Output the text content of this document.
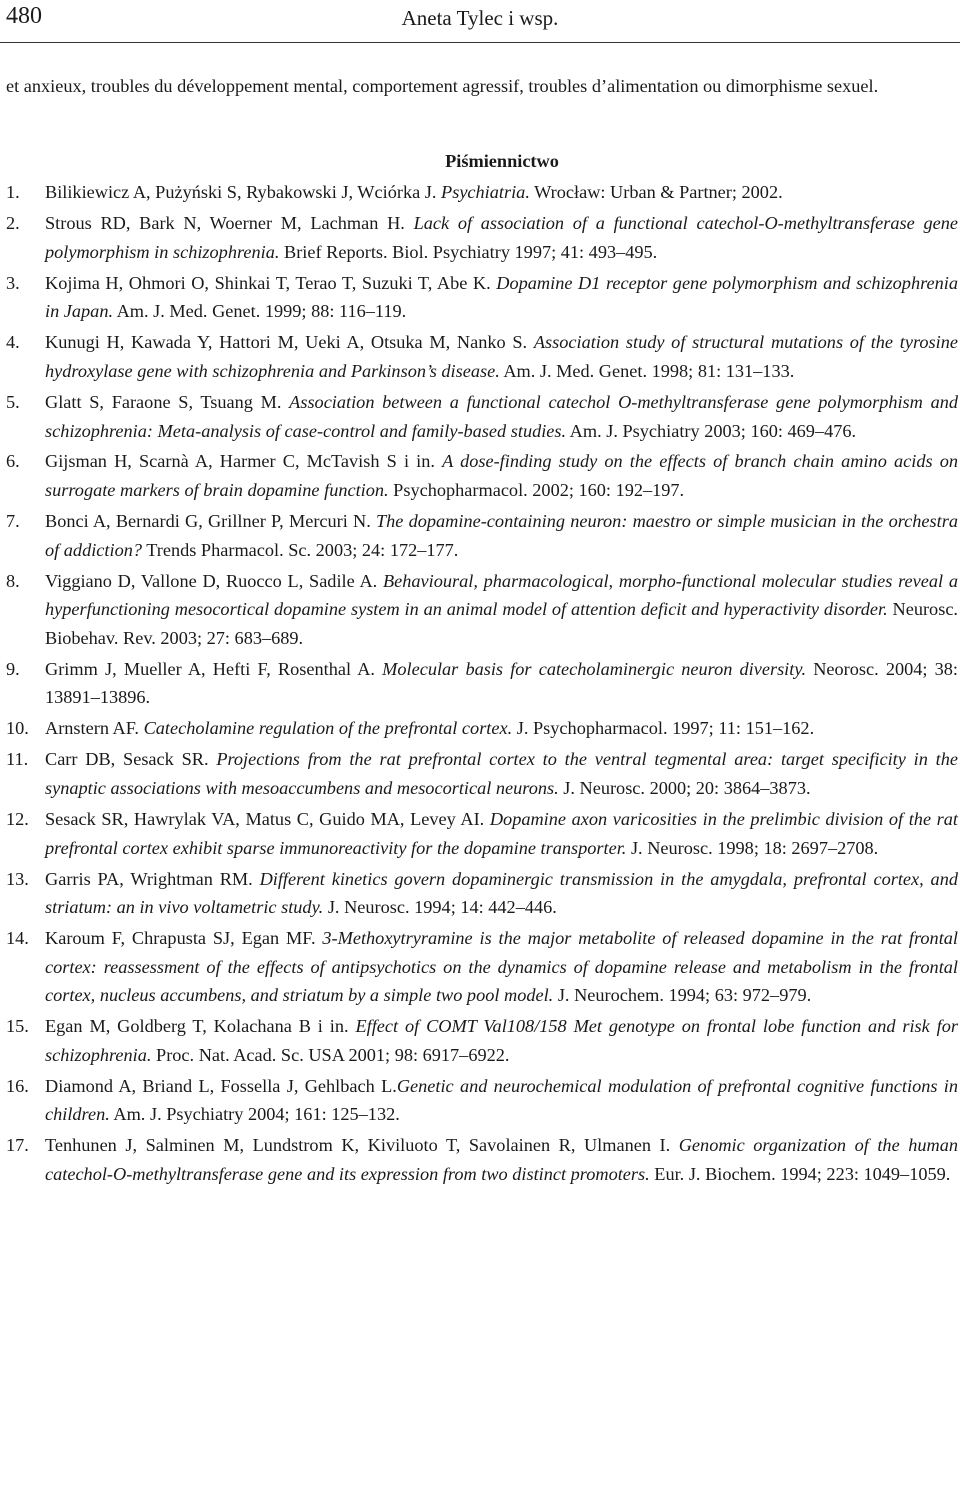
480	Aneta Tylec i wsp.

et anxieux, troubles du développement mental, comportement agressif, troubles d’alimentation ou dimorphisme sexuel.

Piśmiennictwo
1. Bilikiewicz A, Pużyński S, Rybakowski J, Wciórka J. Psychiatria. Wrocław: Urban & Partner; 2002.
2. Strous RD, Bark N, Woerner M, Lachman H. Lack of association of a functional catechol-O-methyltransferase gene polymorphism in schizophrenia. Brief Reports. Biol. Psychiatry 1997; 41: 493–495.
3. Kojima H, Ohmori O, Shinkai T, Terao T, Suzuki T, Abe K. Dopamine D1 receptor gene polymorphism and schizophrenia in Japan. Am. J. Med. Genet. 1999; 88: 116–119.
4. Kunugi H, Kawada Y, Hattori M, Ueki A, Otsuka M, Nanko S. Association study of structural mutations of the tyrosine hydroxylase gene with schizophrenia and Parkinson’s disease. Am. J. Med. Genet. 1998; 81: 131–133.
5. Glatt S, Faraone S, Tsuang M. Association between a functional catechol O-methyltransferase gene polymorphism and schizophrenia: Meta-analysis of case-control and family-based studies. Am. J. Psychiatry 2003; 160: 469–476.
6. Gijsman H, Scarnà A, Harmer C, McTavish S i in. A dose-finding study on the effects of branch chain amino acids on surrogate markers of brain dopamine function. Psychopharmacol. 2002; 160: 192–197.
7. Bonci A, Bernardi G, Grillner P, Mercuri N. The dopamine-containing neuron: maestro or simple musician in the orchestra of addiction? Trends Pharmacol. Sc. 2003; 24: 172–177.
8. Viggiano D, Vallone D, Ruocco L, Sadile A. Behavioural, pharmacological, morpho-functional molecular studies reveal a hyperfunctioning mesocortical dopamine system in an animal model of attention deficit and hyperactivity disorder. Neurosc. Biobehav. Rev. 2003; 27: 683–689.
9. Grimm J, Mueller A, Hefti F, Rosenthal A. Molecular basis for catecholaminergic neuron diversity. Neorosc. 2004; 38: 13891–13896.
10. Arnstern AF. Catecholamine regulation of the prefrontal cortex. J. Psychopharmacol. 1997; 11: 151–162.
11. Carr DB, Sesack SR. Projections from the rat prefrontal cortex to the ventral tegmental area: target specificity in the synaptic associations with mesoaccumbens and mesocortical neurons. J. Neurosc. 2000; 20: 3864–3873.
12. Sesack SR, Hawrylak VA, Matus C, Guido MA, Levey AI. Dopamine axon varicosities in the prelimbic division of the rat prefrontal cortex exhibit sparse immunoreactivity for the dopamine transporter. J. Neurosc. 1998; 18: 2697–2708.
13. Garris PA, Wrightman RM. Different kinetics govern dopaminergic transmission in the amygdala, prefrontal cortex, and striatum: an in vivo voltametric study. J. Neurosc. 1994; 14: 442–446.
14. Karoum F, Chrapusta SJ, Egan MF. 3-Methoxytryramine is the major metabolite of released dopamine in the rat frontal cortex: reassessment of the effects of antipsychotics on the dynamics of dopamine release and metabolism in the frontal cortex, nucleus accumbens, and striatum by a simple two pool model. J. Neurochem. 1994; 63: 972–979.
15. Egan M, Goldberg T, Kolachana B i in. Effect of COMT Val108/158 Met genotype on frontal lobe function and risk for schizophrenia. Proc. Nat. Acad. Sc. USA 2001; 98: 6917–6922.
16. Diamond A, Briand L, Fossella J, Gehlbach L.Genetic and neurochemical modulation of prefrontal cognitive functions in children. Am. J. Psychiatry 2004; 161: 125–132.
17. Tenhunen J, Salminen M, Lundstrom K, Kiviluoto T, Savolainen R, Ulmanen I. Genomic organization of the human catechol-O-methyltransferase gene and its expression from two distinct promoters. Eur. J. Biochem. 1994; 223: 1049–1059.
